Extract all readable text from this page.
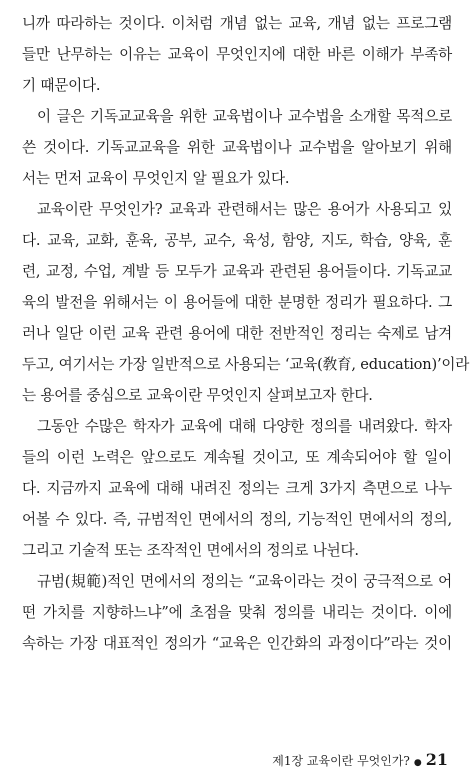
니까 따라하는 것이다. 이처럼 개념 없는 교육, 개념 없는 프로그램
들만 난무하는 이유는 교육이 무엇인지에 대한 바른 이해가 부족하
기 때문이다.
이 글은 기독교교육을 위한 교육법이나 교수법을 소개할 목적으로
쓴 것이다. 기독교교육을 위한 교육법이나 교수법을 알아보기 위해
서는 먼저 교육이 무엇인지 알 필요가 있다.
교육이란 무엇인가? 교육과 관련해서는 많은 용어가 사용되고 있
다. 교육, 교화, 훈육, 공부, 교수, 육성, 함양, 지도, 학습, 양육, 훈
련, 교정, 수업, 계발 등 모두가 교육과 관련된 용어들이다. 기독교교
육의 발전을 위해서는 이 용어들에 대한 분명한 정리가 필요하다. 그
러나 일단 이런 교육 관련 용어에 대한 전반적인 정리는 숙제로 남겨
두고, 여기서는 가장 일반적으로 사용되는 ‘교육(敎育, education)’이라
는 용어를 중심으로 교육이란 무엇인지 살펴보고자 한다.
그동안 수많은 학자가 교육에 대해 다양한 정의를 내려왔다. 학자
들의 이런 노력은 앞으로도 계속될 것이고, 또 계속되어야 할 일이
다. 지금까지 교육에 대해 내려진 정의는 크게 3가지 측면으로 나누
어볼 수 있다. 즉, 규범적인 면에서의 정의, 기능적인 면에서의 정의,
그리고 기술적 또는 조작적인 면에서의 정의로 나뉜다.
규범(規範)적인 면에서의 정의는 “교육이라는 것이 궁극적으로 어
떤 가치를 지향하느냐”에 초점을 맞춰 정의를 내리는 것이다. 이에
속하는 가장 대표적인 정의가 “교육은 인간화의 과정이다”라는 것이
제1장 교육이란 무엇인가? ● 21
